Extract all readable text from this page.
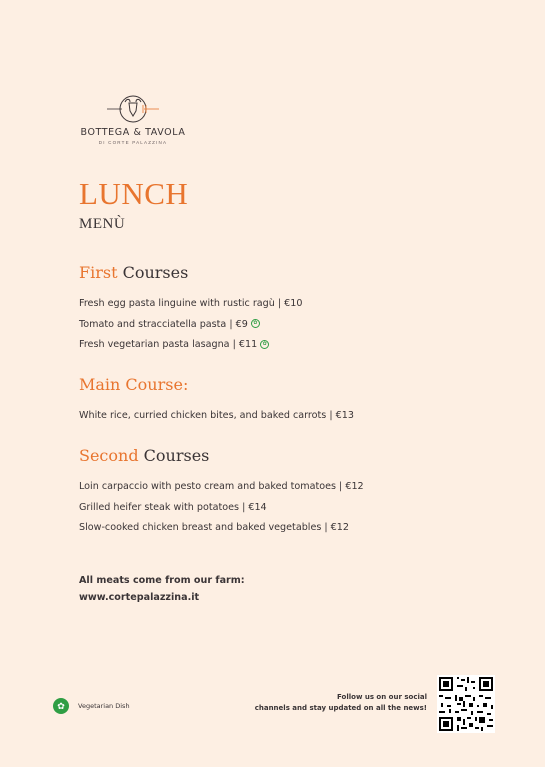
BOTTEGA & TAVOLA
DI CORTE PALAZZINA
LUNCH
MENÙ
First Courses
Fresh egg pasta linguine with rustic ragù | €10
Tomato and stracciatella pasta | €9 ✿
Fresh vegetarian pasta lasagna | €11 ✿
Main Course:
White rice, curried chicken bites, and baked carrots | €13
Second Courses
Loin carpaccio with pesto cream and baked tomatoes | €12
Grilled heifer steak with potatoes | €14
Slow-cooked chicken breast and baked vegetables | €12
All meats come from our farm:
www.cortepalazzina.it
✿	Vegetarian Dish
Follow us on our social
channels and stay updated on all the news!
